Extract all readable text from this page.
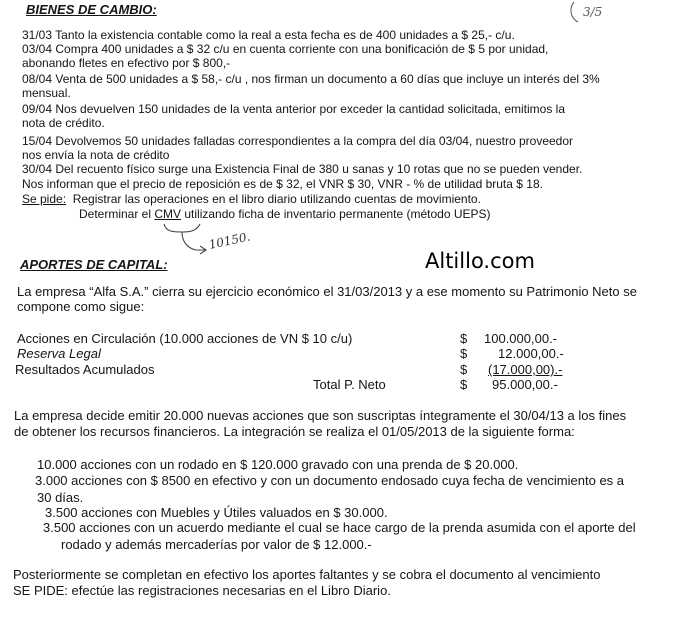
BIENES DE CAMBIO:	3/5
31/03 Tanto la existencia contable como la real a esta fecha es de 400 unidades a $ 25,- c/u.
03/04 Compra 400 unidades a $ 32 c/u en cuenta corriente con una bonificación de $ 5 por unidad,
abonando fletes en efectivo por $ 800,-
08/04 Venta de 500 unidades a $ 58,- c/u , nos firman un documento a 60 días que incluye un interés del 3%
mensual.
09/04 Nos devuelven 150 unidades de la venta anterior por exceder la cantidad solicitada, emitimos la
nota de crédito.
15/04 Devolvemos 50 unidades falladas correspondientes a la compra del día 03/04, nuestro proveedor
nos envía la nota de crédito
30/04 Del recuento físico surge una Existencia Final de 380 u sanas y 10 rotas que no se pueden vender.
Nos informan que el precio de reposición es de $ 32, el VNR $ 30, VNR - % de utilidad bruta $ 18.
Se pide: Registrar las operaciones en el libro diario utilizando cuentas de movimiento.
Determinar el CMV utilizando ficha de inventario permanente (método UEPS)
10150.
APORTES DE CAPITAL:	Altillo.com
La empresa “Alfa S.A.” cierra su ejercicio económico el 31/03/2013 y a ese momento su Patrimonio Neto se
compone como sigue:
Acciones en Circulación (10.000 acciones de VN $ 10 c/u)	$ 100.000,00.-
Reserva Legal	$ 12.000,00.-
Resultados Acumulados	$ (17.000,00).-
Total P. Neto	$ 95.000,00.-
La empresa decide emitir 20.000 nuevas acciones que son suscriptas íntegramente el 30/04/13 a los fines
de obtener los recursos financieros. La integración se realiza el 01/05/2013 de la siguiente forma:
10.000 acciones con un rodado en $ 120.000 gravado con una prenda de $ 20.000.
3.000 acciones con $ 8500 en efectivo y con un documento endosado cuya fecha de vencimiento es a
30 días.
3.500 acciones con Muebles y Útiles valuados en $ 30.000.
3.500 acciones con un acuerdo mediante el cual se hace cargo de la prenda asumida con el aporte del
rodado y además mercaderías por valor de $ 12.000.-
Posteriormente se completan en efectivo los aportes faltantes y se cobra el documento al vencimiento
SE PIDE: efectúe las registraciones necesarias en el Libro Diario.
